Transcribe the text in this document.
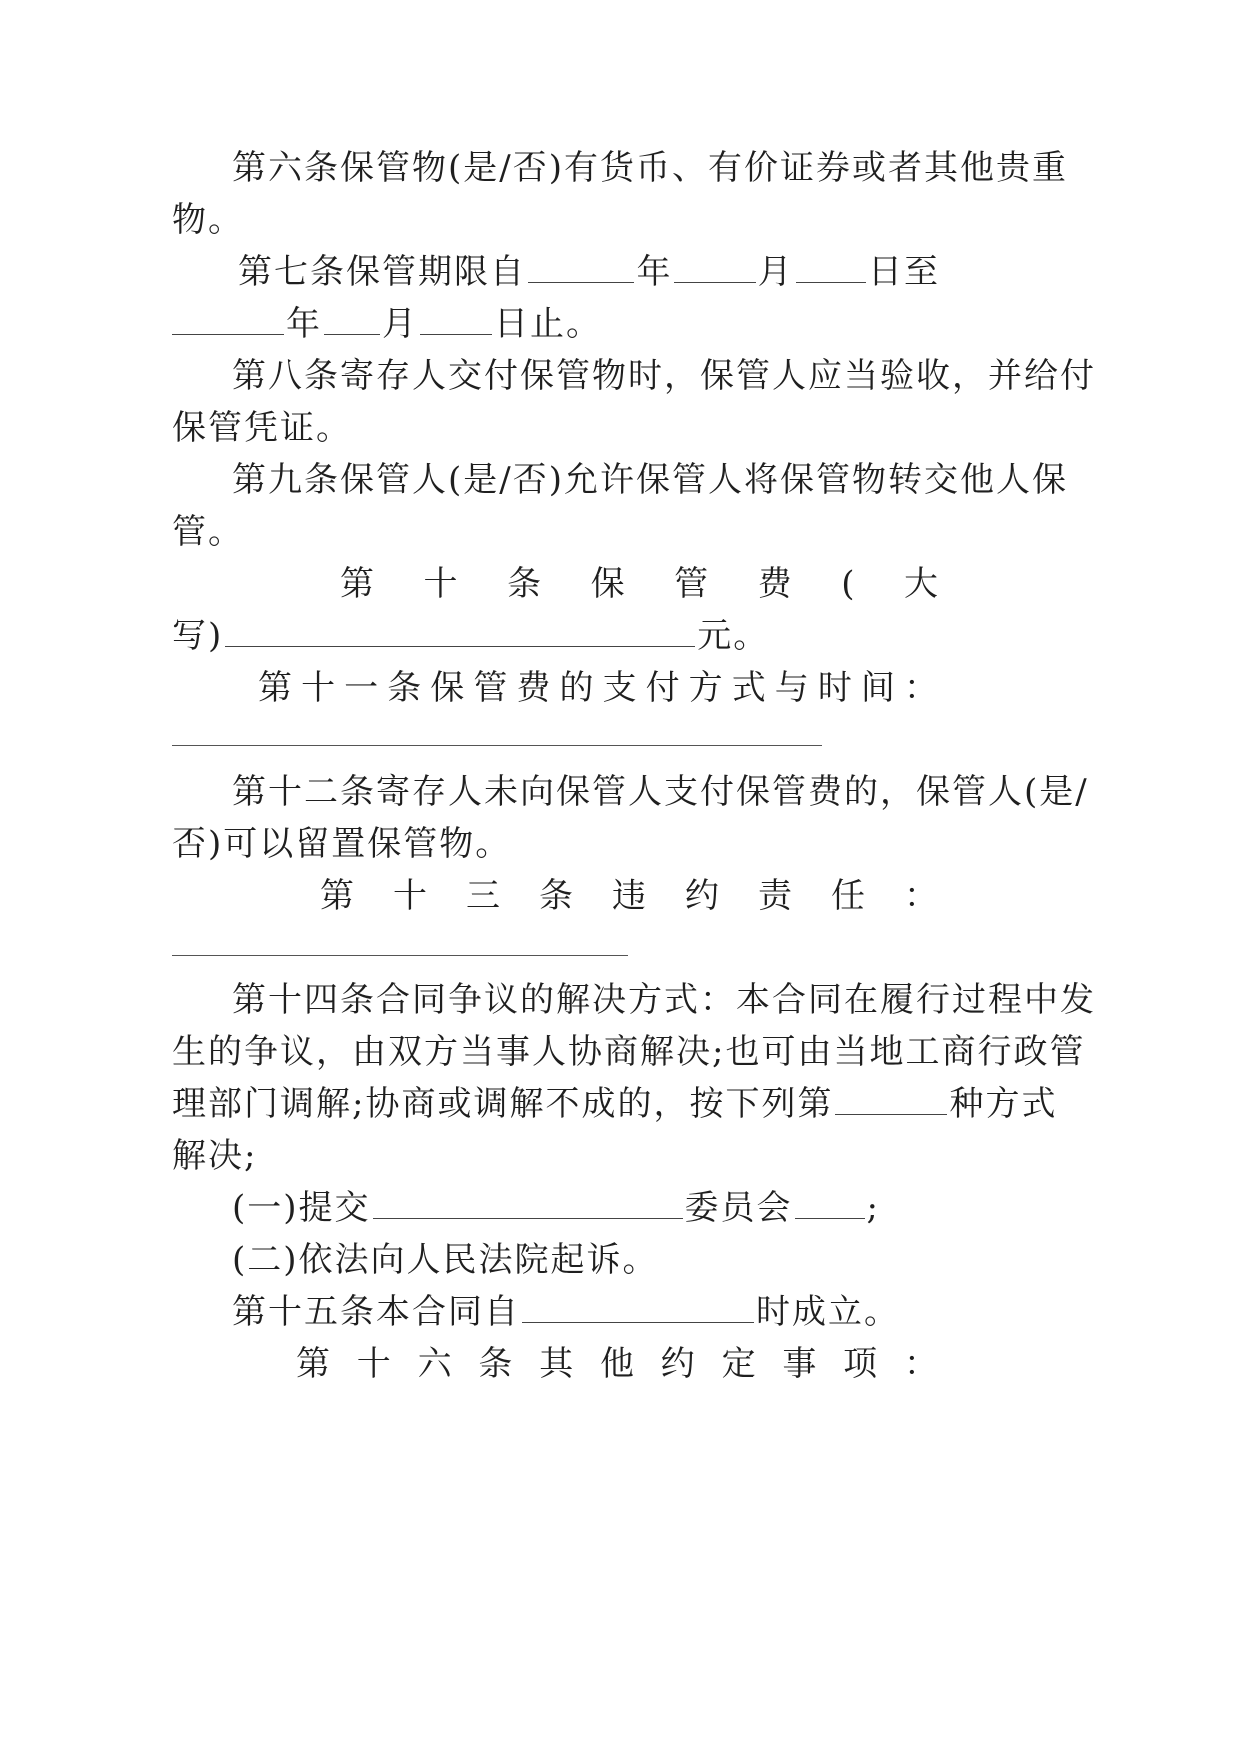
第六条保管物(是/否)有货币、有价证券或者其他贵重
物。
第七条保管期限自	年	月 日至
年 月 日止。
第八条寄存人交付保管物时，保管人应当验收，并给付
保管凭证。
第九条保管人(是/否)允许保管人将保管物转交他人保
管。
第 十 条 保 管 费 ( 大
写)	元。
第 十 一 条 保 管 费 的 支 付 方 式 与 时 间 ：
第十二条寄存人未向保管人支付保管费的，保管人(是/
否)可以留置保管物。
第 十 三 条 违 约 责 任 ：
第十四条合同争议的解决方式：本合同在履行过程中发
生的争议，由双方当事人协商解决;也可由当地工商行政管
理部门调解;协商或调解不成的，按下列第	种方式
解决;
(一)提交	委员会 ;
(二)依法向人民法院起诉。
第十五条本合同自	时成立。
第 十 六 条 其 他 约 定 事 项 ：
